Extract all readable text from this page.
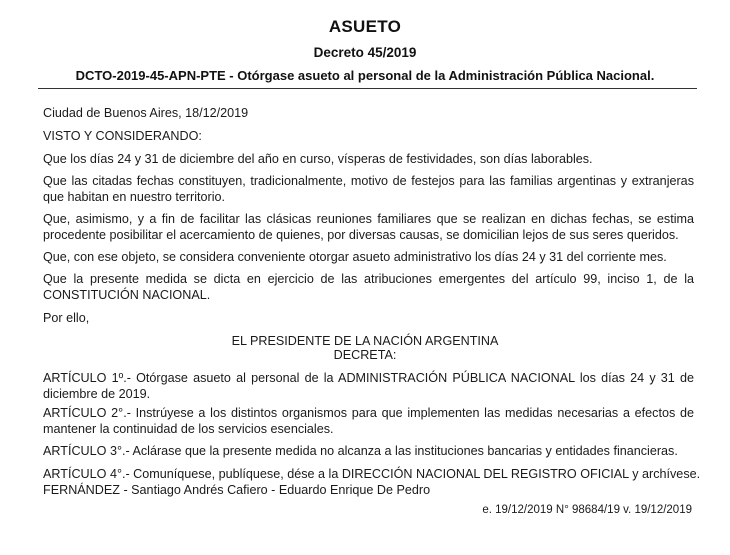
ASUETO
Decreto 45/2019
DCTO-2019-45-APN-PTE - Otórgase asueto al personal de la Administración Pública Nacional.

Ciudad de Buenos Aires, 18/12/2019

VISTO Y CONSIDERANDO:

Que los días 24 y 31 de diciembre del año en curso, vísperas de festividades, son días laborables.

Que las citadas fechas constituyen, tradicionalmente, motivo de festejos para las familias argentinas y extranjeras que habitan en nuestro territorio.

Que, asimismo, y a fin de facilitar las clásicas reuniones familiares que se realizan en dichas fechas, se estima procedente posibilitar el acercamiento de quienes, por diversas causas, se domicilian lejos de sus seres queridos.

Que, con ese objeto, se considera conveniente otorgar asueto administrativo los días 24 y 31 del corriente mes.

Que la presente medida se dicta en ejercicio de las atribuciones emergentes del artículo 99, inciso 1, de la CONSTITUCIÓN NACIONAL.

Por ello,

EL PRESIDENTE DE LA NACIÓN ARGENTINA

DECRETA:

ARTÍCULO 1º.- Otórgase asueto al personal de la ADMINISTRACIÓN PÚBLICA NACIONAL los días 24 y 31 de diciembre de 2019.

ARTÍCULO 2°.- Instrúyese a los distintos organismos para que implementen las medidas necesarias a efectos de mantener la continuidad de los servicios esenciales.

ARTÍCULO 3°.- Aclárase que la presente medida no alcanza a las instituciones bancarias y entidades financieras.

ARTÍCULO 4°.- Comuníquese, publíquese, dése a la DIRECCIÓN NACIONAL DEL REGISTRO OFICIAL y archívese.

FERNÁNDEZ - Santiago Andrés Cafiero - Eduardo Enrique De Pedro

e. 19/12/2019 N° 98684/19 v. 19/12/2019
